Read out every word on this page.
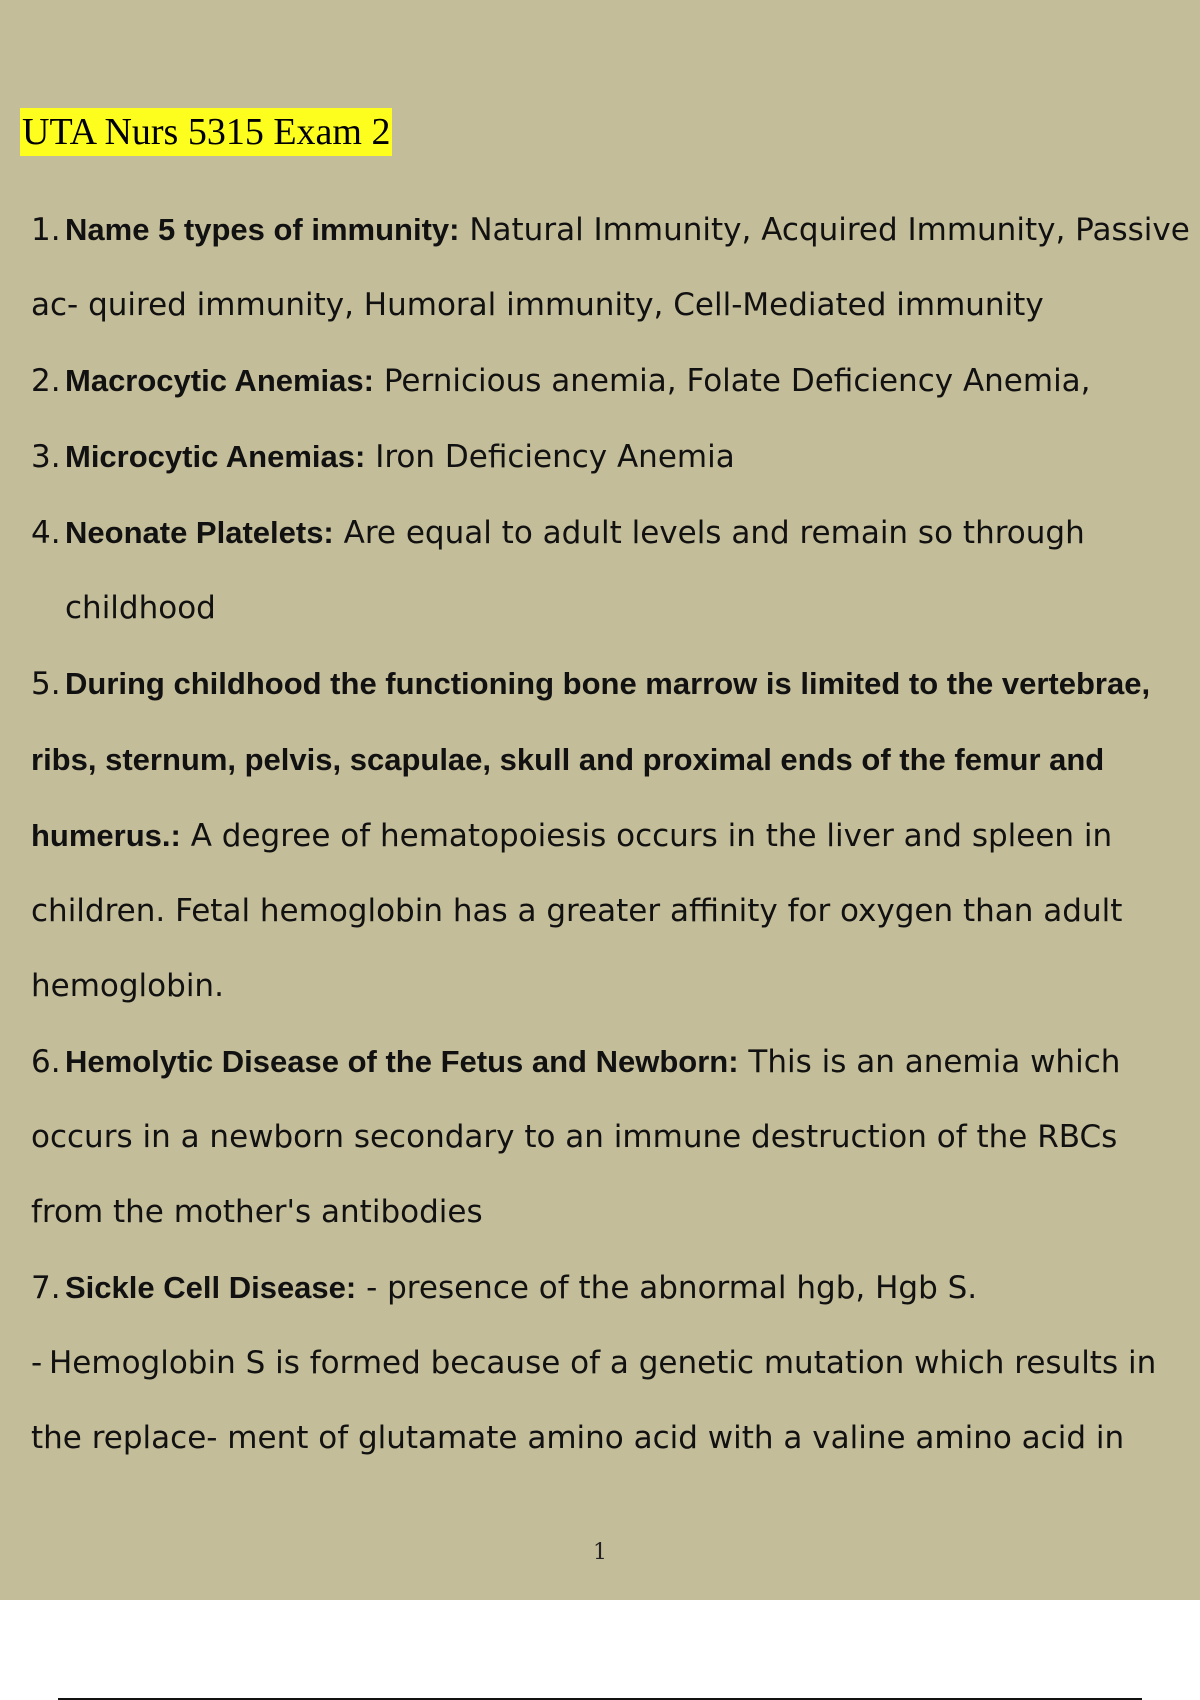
UTA Nurs 5315 Exam 2

1. Name 5 types of immunity: Natural Immunity, Acquired Immunity, Passive ac- quired immunity, Humoral immunity, Cell-Mediated immunity

2. Macrocytic Anemias: Pernicious anemia, Folate Deficiency Anemia,

3. Microcytic Anemias: Iron Deficiency Anemia

4. Neonate Platelets: Are equal to adult levels and remain so through childhood

5. During childhood the functioning bone marrow is limited to the vertebrae, ribs, sternum, pelvis, scapulae, skull and proximal ends of the femur and humerus.: A degree of hematopoiesis occurs in the liver and spleen in children. Fetal hemoglobin has a greater affinity for oxygen than adult hemoglobin.

6. Hemolytic Disease of the Fetus and Newborn: This is an anemia which occurs in a newborn secondary to an immune destruction of the RBCs from the mother's antibodies

7. Sickle Cell Disease: - presence of the abnormal hgb, Hgb S.

- Hemoglobin S is formed because of a genetic mutation which results in the replace- ment of glutamate amino acid with a valine amino acid in

1
